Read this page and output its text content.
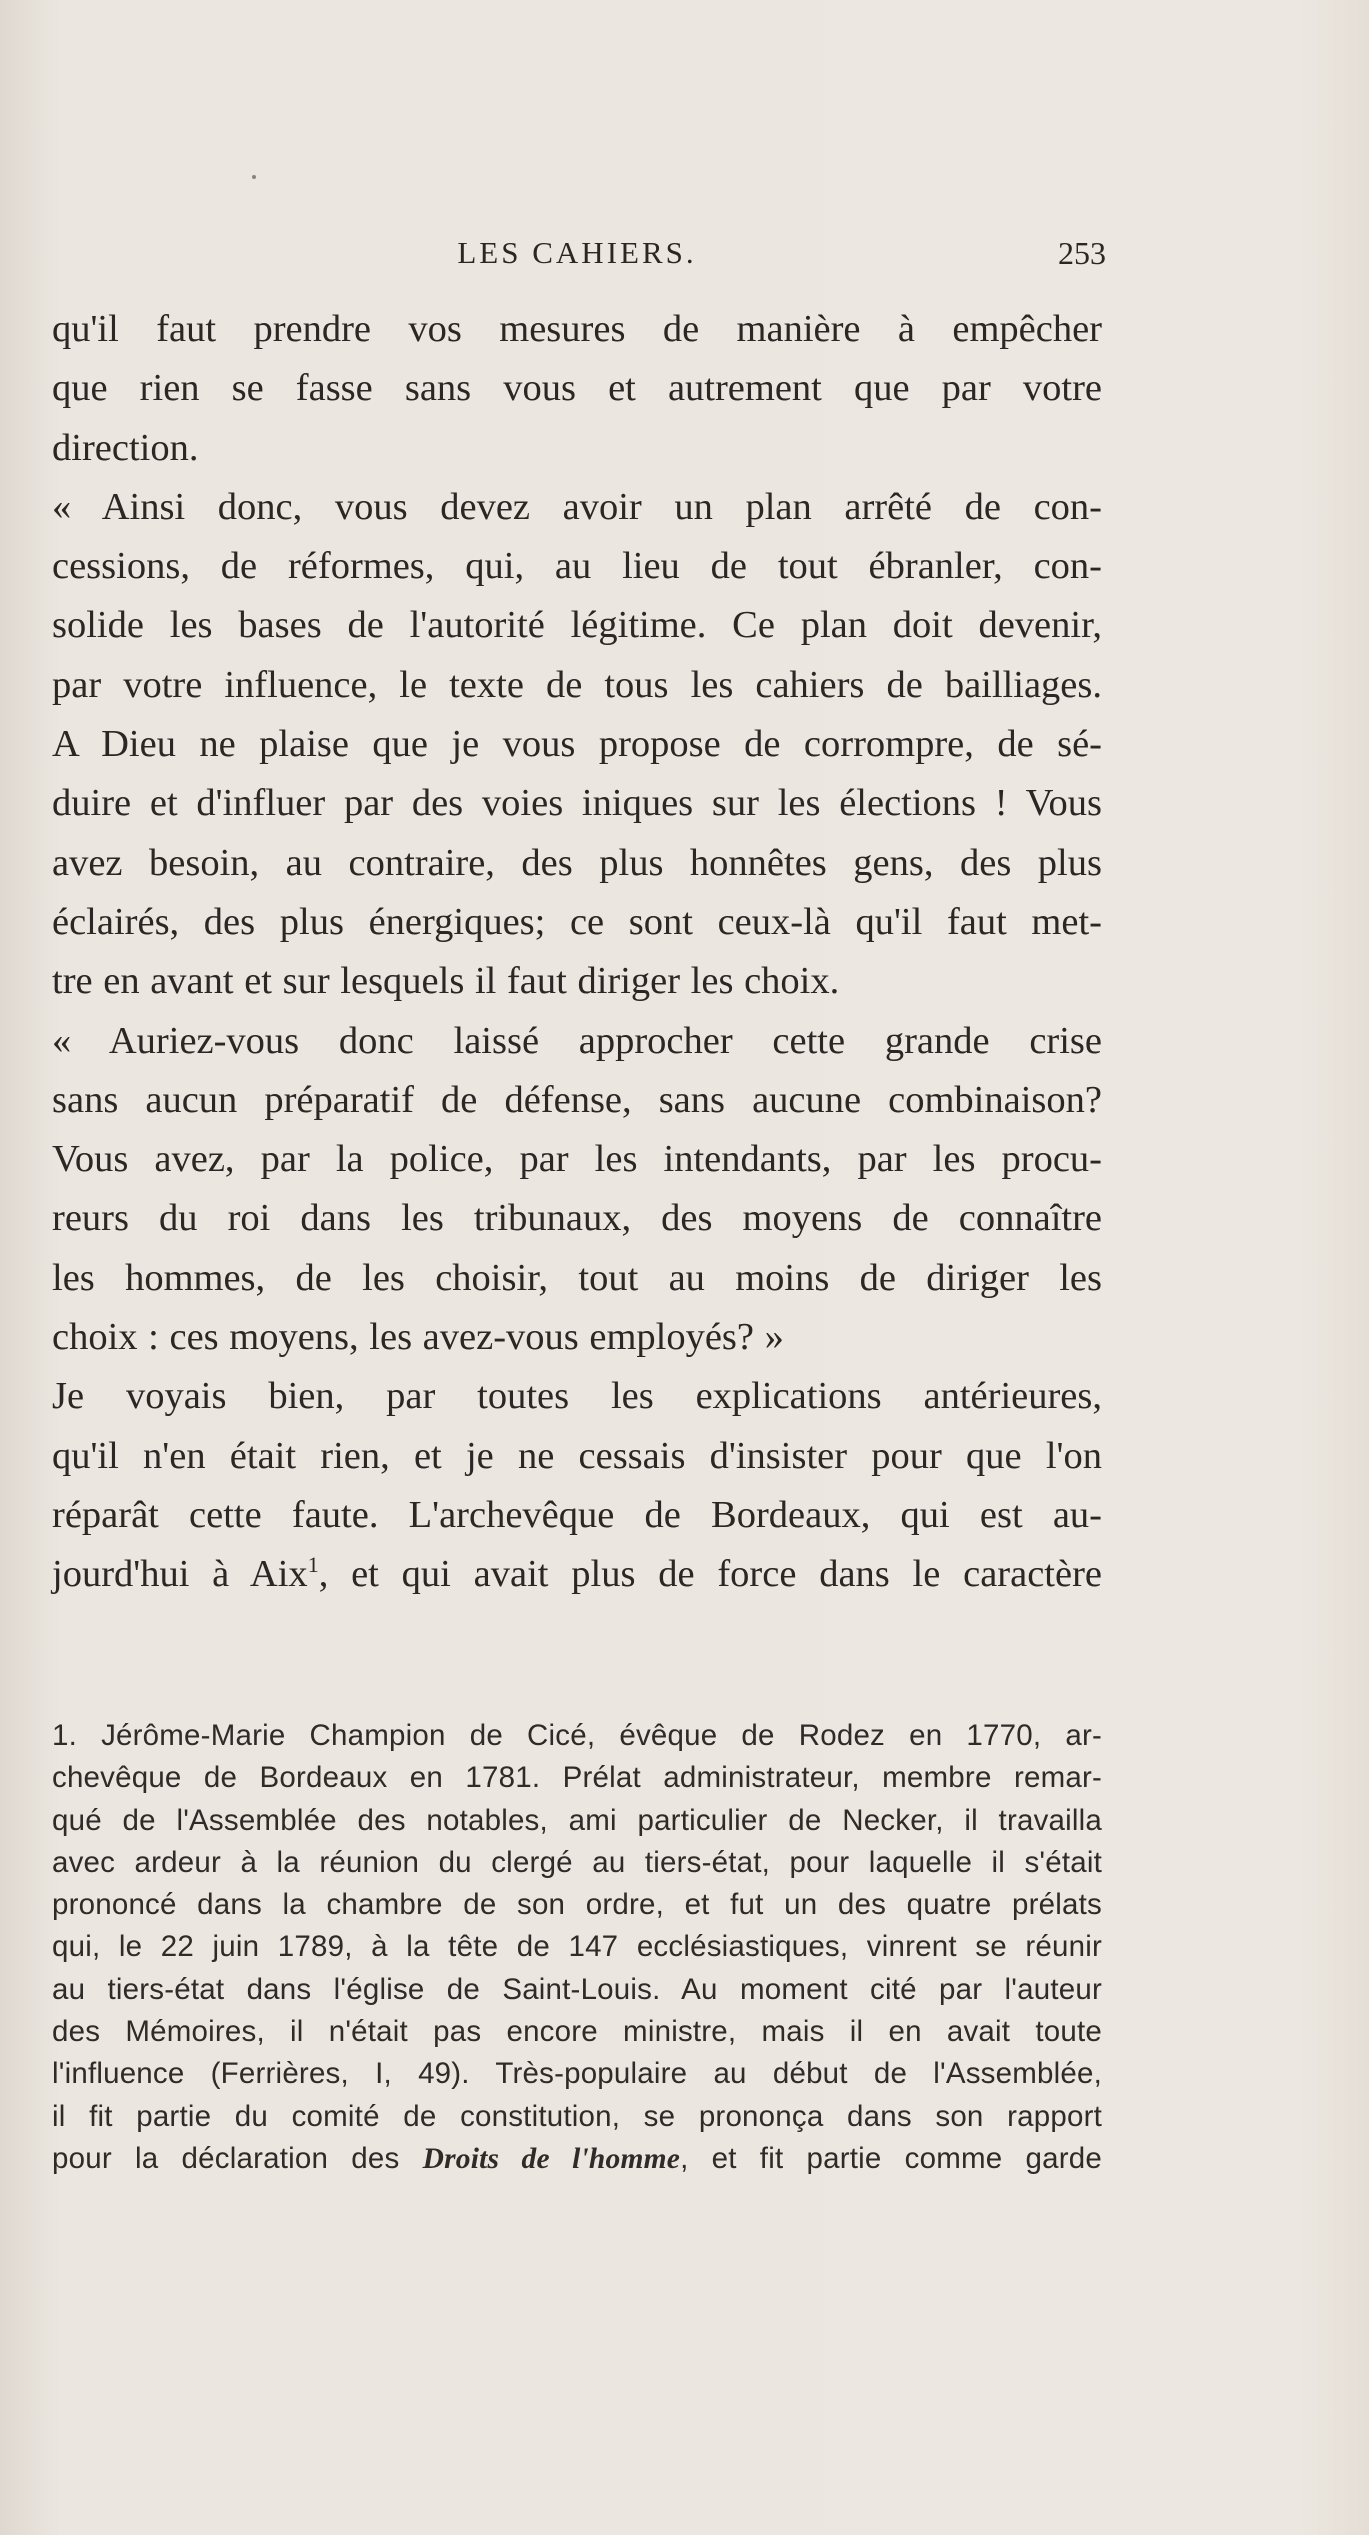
LES CAHIERS.	253

qu'il faut prendre vos mesures de manière à empêcher

que rien se fasse sans vous et autrement que par votre

direction.

« Ainsi donc, vous devez avoir un plan arrêté de con-

cessions, de réformes, qui, au lieu de tout ébranler, con-

solide les bases de l'autorité légitime. Ce plan doit devenir,

par votre influence, le texte de tous les cahiers de bailliages.

A Dieu ne plaise que je vous propose de corrompre, de sé-

duire et d'influer par des voies iniques sur les élections ! Vous

avez besoin, au contraire, des plus honnêtes gens, des plus

éclairés, des plus énergiques; ce sont ceux-là qu'il faut met-

tre en avant et sur lesquels il faut diriger les choix.

« Auriez-vous donc laissé approcher cette grande crise

sans aucun préparatif de défense, sans aucune combinaison?

Vous avez, par la police, par les intendants, par les procu-

reurs du roi dans les tribunaux, des moyens de connaître

les hommes, de les choisir, tout au moins de diriger les

choix : ces moyens, les avez-vous employés? »

Je voyais bien, par toutes les explications antérieures,

qu'il n'en était rien, et je ne cessais d'insister pour que l'on

réparât cette faute. L'archevêque de Bordeaux, qui est au-

jourd'hui à Aix$^1$, et qui avait plus de force dans le caractère

1. Jérôme-Marie Champion de Cicé, évêque de Rodez en 1770, ar-

chevêque de Bordeaux en 1781. Prélat administrateur, membre remar-

qué de l'Assemblée des notables, ami particulier de Necker, il travailla

avec ardeur à la réunion du clergé au tiers-état, pour laquelle il s'était

prononcé dans la chambre de son ordre, et fut un des quatre prélats

qui, le 22 juin 1789, à la tête de 147 ecclésiastiques, vinrent se réunir

au tiers-état dans l'église de Saint-Louis. Au moment cité par l'auteur

des Mémoires, il n'était pas encore ministre, mais il en avait toute

l'influence (Ferrières, I, 49). Très-populaire au début de l'Assemblée,

il fit partie du comité de constitution, se prononça dans son rapport

pour la déclaration des Droits de l'homme, et fit partie comme garde
